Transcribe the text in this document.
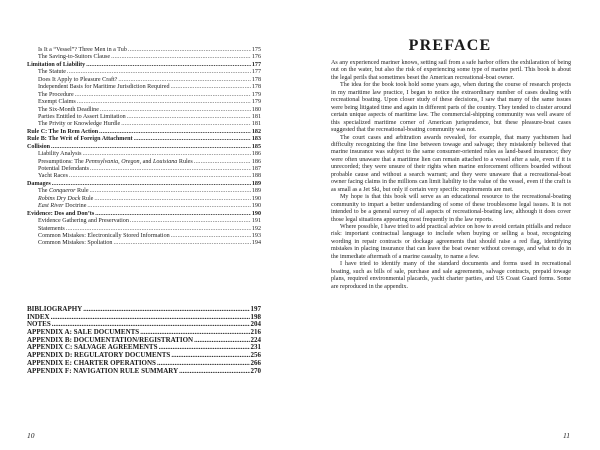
Is It a “Vessel”? Three Men in a Tub .....	175
The Saving-to-Suitors Clause .....	176
Limitation of Liability .....	177
The Statute .....	177
Does It Apply to Pleasure Craft? .....	178
Independent Basis for Maritime Jurisdiction Required .....	178
The Procedure .....	179
Exempt Claims .....	179
The Six-Month Deadline .....	180
Parties Entitled to Assert Limitation .....	181
The Privity or Knowledge Hurdle .....	181
Rule C: The In Rem Action .....	182
Rule B: The Writ of Foreign Attachment .....	183
Collision .....	185
Liability Analysis .....	186
Presumptions: The Pennsylvania, Oregon, and Louisiana Rules .....	186
Potential Defendants .....	187
Yacht Races .....	188
Damages .....	189
The Conqueror Rule .....	189
Robins Dry Dock Rule .....	190
East River Doctrine .....	190
Evidence: Dos and Don’ts .....	190
Evidence Gathering and Preservation .....	191
Statements .....	192
Common Mistakes: Electronically Stored Information .....	193
Common Mistakes: Spoliation .....	194
BIBLIOGRAPHY .....	197
INDEX .....	198
NOTES .....	204
APPENDIX A: SALE DOCUMENTS .....	216
APPENDIX B: DOCUMENTATION/REGISTRATION .....	224
APPENDIX C: SALVAGE AGREEMENTS .....	231
APPENDIX D: REGULATORY DOCUMENTS .....	256
APPENDIX E: CHARTER OPERATIONS .....	266
APPENDIX F: NAVIGATION RULE SUMMARY .....	270
10
PREFACE

As any experienced mariner knows, setting sail from a safe harbor offers the exhilaration of being out on the water, but also the risk of experiencing some type of marine peril. This book is about the legal perils that sometimes beset the American recreational-boat owner.

The idea for the book took hold some years ago, when during the course of research projects in my maritime law practice, I began to notice the extraordinary number of cases dealing with recreational boating. Upon closer study of these decisions, I saw that many of the same issues were being litigated time and again in different parts of the country. They tended to cluster around certain unique aspects of maritime law. The commercial-shipping community was well aware of this specialized maritime corner of American jurisprudence, but these pleasure-boat cases suggested that the recreational-boating community was not.

The court cases and arbitration awards revealed, for example, that many yachtsmen had difficulty recognizing the fine line between towage and salvage; they mistakenly believed that marine insurance was subject to the same consumer-oriented rules as land-based insurance; they were often unaware that a maritime lien can remain attached to a vessel after a sale, even if it is unrecorded; they were unsure of their rights when marine enforcement officers boarded without probable cause and without a search warrant; and they were unaware that a recreational-boat owner facing claims in the millions can limit liability to the value of the vessel, even if the craft is as small as a Jet Ski, but only if certain very specific requirements are met.

My hope is that this book will serve as an educational resource to the recreational-boating community to impart a better understanding of some of these troublesome legal issues. It is not intended to be a general survey of all aspects of recreational-boating law, although it does cover those legal situations appearing most frequently in the law reports.

Where possible, I have tried to add practical advice on how to avoid certain pitfalls and reduce risk: important contractual language to include when buying or selling a boat, recognizing wording in repair contracts or dockage agreements that should raise a red flag, identifying mistakes in placing insurance that can leave the boat owner without coverage, and what to do in the immediate aftermath of a marine casualty, to name a few.

I have tried to identify many of the standard documents and forms used in recreational boating, such as bills of sale, purchase and sale agreements, salvage contracts, prepaid towage plans, required environmental placards, yacht charter parties, and US Coast Guard forms. Some are reproduced in the appendix.

11
